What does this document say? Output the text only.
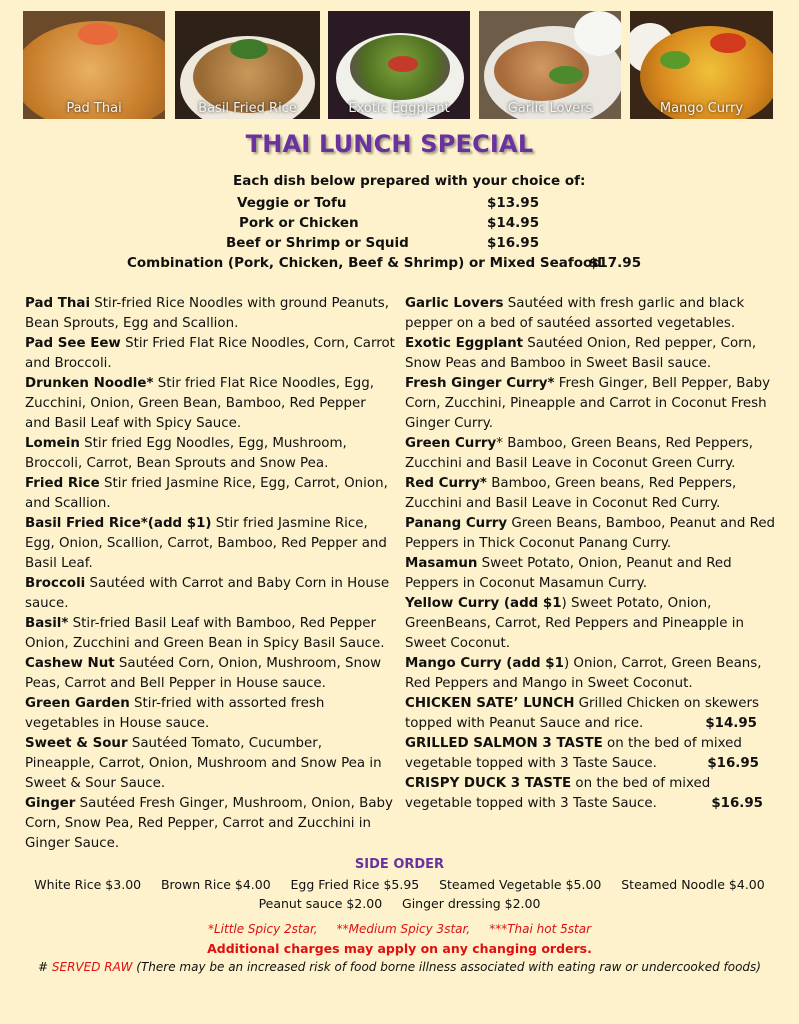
Pad Thai	Basil Fried Rice	Exotic Eggplant	Garlic Lovers	Mango Curry
THAI LUNCH SPECIAL
Each dish below prepared with your choice of:
Veggie or Tofu	$13.95
Pork or Chicken	$14.95
Beef or Shrimp or Squid	$16.95
Combination (Pork, Chicken, Beef & Shrimp) or Mixed Seafood
$17.95

Pad Thai Stir-fried Rice Noodles with ground Peanuts, Bean Sprouts, Egg and Scallion.

Pad See Eew Stir Fried Flat Rice Noodles, Corn, Carrot and Broccoli.

Drunken Noodle* Stir fried Flat Rice Noodles, Egg, Zucchini, Onion, Green Bean, Bamboo, Red Pepper and Basil Leaf with Spicy Sauce.

Lomein Stir fried Egg Noodles, Egg, Mushroom, Broccoli, Carrot, Bean Sprouts and Snow Pea.

Fried Rice Stir fried Jasmine Rice, Egg, Carrot, Onion, and Scallion.

Basil Fried Rice*(add $1) Stir fried Jasmine Rice, Egg, Onion, Scallion, Carrot, Bamboo, Red Pepper and Basil Leaf.

Broccoli Sautéed with Carrot and Baby Corn in House sauce.

Basil* Stir-fried Basil Leaf with Bamboo, Red Pepper Onion, Zucchini and Green Bean in Spicy Basil Sauce.

Cashew Nut Sautéed Corn, Onion, Mushroom, Snow Peas, Carrot and Bell Pepper in House sauce.

Green Garden Stir-fried with assorted fresh vegetables in House sauce.

Sweet & Sour Sautéed Tomato, Cucumber, Pineapple, Carrot, Onion, Mushroom and Snow Pea in Sweet & Sour Sauce.

Ginger Sautéed Fresh Ginger, Mushroom, Onion, Baby Corn, Snow Pea, Red Pepper, Carrot and Zucchini in Ginger Sauce.

Garlic Lovers Sautéed with fresh garlic and black pepper on a bed of sautéed assorted vegetables.

Exotic Eggplant Sautéed Onion, Red pepper, Corn, Snow Peas and Bamboo in Sweet Basil sauce.

Fresh Ginger Curry* Fresh Ginger, Bell Pepper, Baby Corn, Zucchini, Pineapple and Carrot in Coconut Fresh Ginger Curry.

Green Curry* Bamboo, Green Beans, Red Peppers, Zucchini and Basil Leave in Coconut Green Curry.

Red Curry* Bamboo, Green beans, Red Peppers, Zucchini and Basil Leave in Coconut Red Curry.

Panang Curry Green Beans, Bamboo, Peanut and Red Peppers in Thick Coconut Panang Curry.

Masamun Sweet Potato, Onion, Peanut and Red Peppers in Coconut Masamun Curry.

Yellow Curry (add $1) Sweet Potato, Onion, GreenBeans, Carrot, Red Peppers and Pineapple in Sweet Coconut.

Mango Curry (add $1) Onion, Carrot, Green Beans, Red Peppers and Mango in Sweet Coconut.

CHICKEN SATE’ LUNCH Grilled Chicken on skewers topped with Peanut Sauce and rice.	$14.95

GRILLED SALMON 3 TASTE on the bed of mixed vegetable topped with 3 Taste Sauce.	$16.95

CRISPY DUCK 3 TASTE on the bed of mixed vegetable topped with 3 Taste Sauce.	$16.95

SIDE ORDER
White Rice $3.00     Brown Rice $4.00     Egg Fried Rice $5.95     Steamed Vegetable $5.00     Steamed Noodle $4.00
Peanut sauce $2.00     Ginger dressing $2.00
*Little Spicy 2star,     **Medium Spicy 3star,     ***Thai hot 5star
Additional charges may apply on any changing orders.
# SERVED RAW (There may be an increased risk of food borne illness associated with eating raw or undercooked foods)
